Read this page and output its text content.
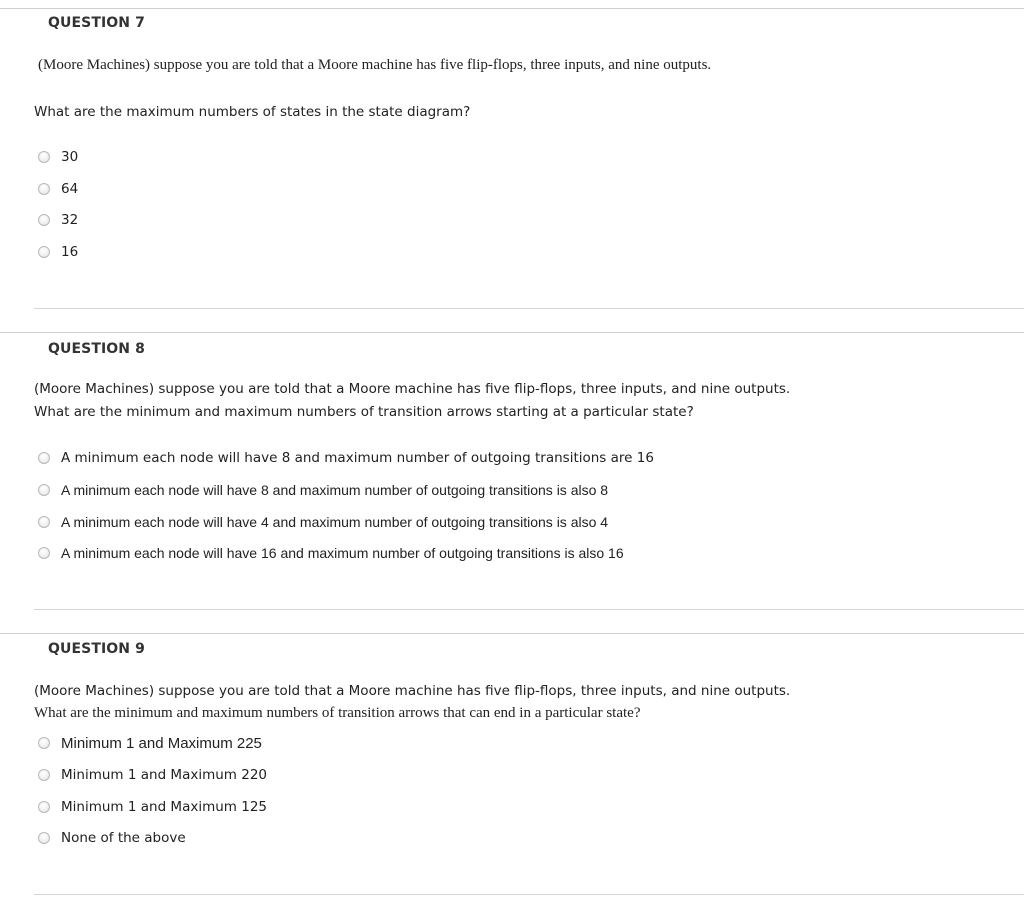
QUESTION 7
(Moore Machines) suppose you are told that a Moore machine has five flip-flops, three inputs, and nine outputs.
What are the maximum numbers of states in the state diagram?
30
64
32
16
QUESTION 8
(Moore Machines) suppose you are told that a Moore machine has five flip-flops, three inputs, and nine outputs.
What are the minimum and maximum numbers of transition arrows starting at a particular state?
A minimum each node will have 8 and maximum number of outgoing transitions are 16
A minimum each node will have 8 and maximum number of outgoing transitions is also 8
A minimum each node will have 4 and maximum number of outgoing transitions is also 4
A minimum each node will have 16 and maximum number of outgoing transitions is also 16
QUESTION 9
(Moore Machines) suppose you are told that a Moore machine has five flip-flops, three inputs, and nine outputs.
What are the minimum and maximum numbers of transition arrows that can end in a particular state?
Minimum 1 and Maximum 225
Minimum 1 and Maximum 220
Minimum 1 and Maximum 125
None of the above
